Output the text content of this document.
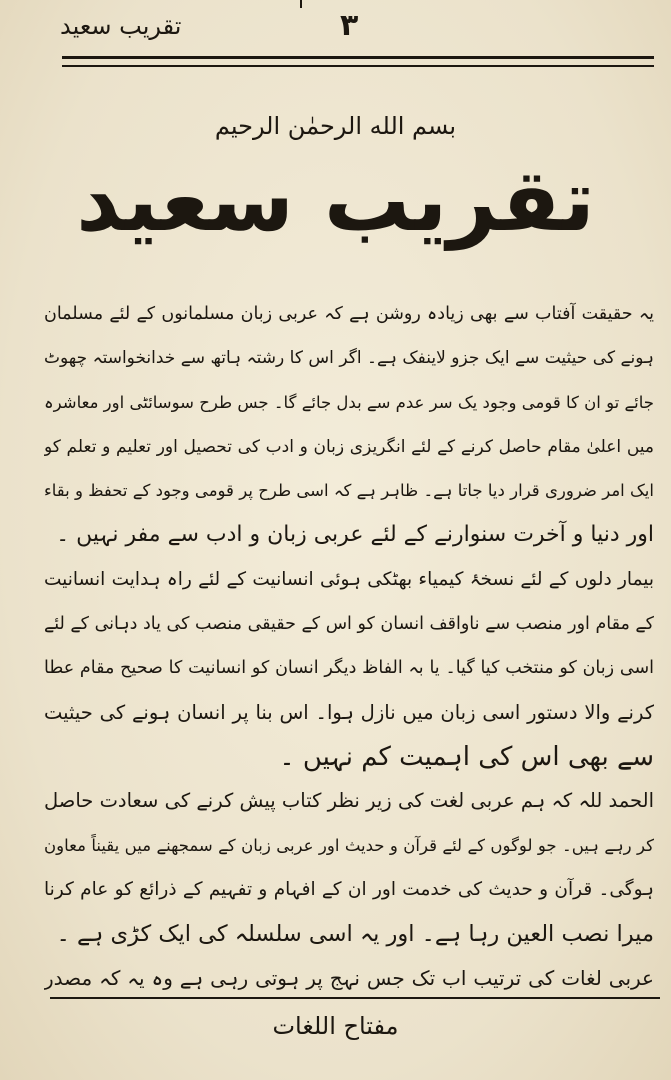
تقریب سعید	۳
بسم الله الرحمٰن الرحیم
تقریب سعید
یہ حقیقت آفتاب سے بھی زیادہ روشن ہے کہ عربی زبان مسلمانوں کے لئے مسلمان
ہونے کی حیثیت سے ایک جزو لاینفک ہے۔ اگر اس کا رشتہ ہاتھ سے خدانخواستہ چھوٹ
جائے تو ان کا قومی وجود یک سر عدم سے بدل جائے گا۔ جس طرح سوسائٹی اور معاشرہ
میں اعلیٰ مقام حاصل کرنے کے لئے انگریزی زبان و ادب کی تحصیل اور تعلیم و تعلم کو
ایک امر ضروری قرار دیا جاتا ہے۔ ظاہر ہے کہ اسی طرح پر قومی وجود کے تحفظ و بقاء
اور دنیا و آخرت سنوارنے کے لئے عربی زبان و ادب سے مفر نہیں ۔
بیمار دلوں کے لئے نسخۂ کیمیاء بھٹکی ہوئی انسانیت کے لئے راہ ہدایت انسانیت
کے مقام اور منصب سے ناواقف انسان کو اس کے حقیقی منصب کی یاد دہانی کے لئے
اسی زبان کو منتخب کیا گیا۔ یا بہ الفاظ دیگر انسان کو انسانیت کا صحیح مقام عطا
کرنے والا دستور اسی زبان میں نازل ہوا۔ اس بنا پر انسان ہونے کی حیثیت
سے بھی اس کی اہمیت کم نہیں ۔
الحمد للہ کہ ہم عربی لغت کی زیر نظر کتاب پیش کرنے کی سعادت حاصل
کر رہے ہیں۔ جو لوگوں کے لئے قرآن و حدیث اور عربی زبان کے سمجھنے میں یقیناً معاون
ہوگی۔ قرآن و حدیث کی خدمت اور ان کے افہام و تفہیم کے ذرائع کو عام کرنا
میرا نصب العین رہا ہے۔ اور یہ اسی سلسلہ کی ایک کڑی ہے ۔
عربی لغات کی ترتیب اب تک جس نہج پر ہوتی رہی ہے وہ یہ کہ مصدر
مفتاح اللغات
